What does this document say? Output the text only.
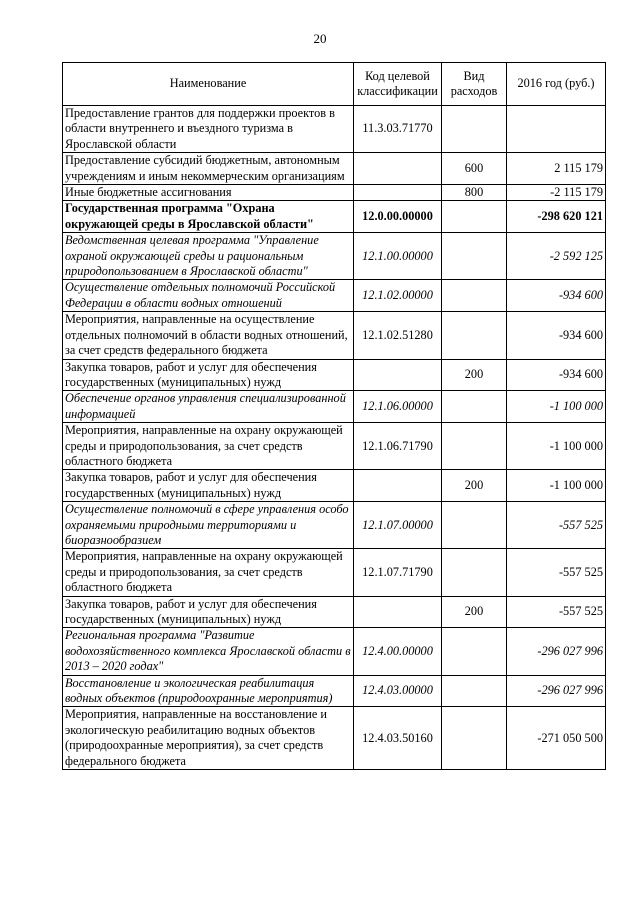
20
Наименование	Код целевой классификации	Вид расходов	2016 год (руб.)
Предоставление грантов для поддержки проектов в области внутреннего и въездного туризма в Ярославской области	11.3.03.71770		
Предоставление субсидий бюджетным, автономным учреждениям и иным некоммерческим организациям		600	2 115 179
Иные бюджетные ассигнования		800	-2 115 179
Государственная программа "Охрана окружающей среды в Ярославской области"	12.0.00.00000		-298 620 121
Ведомственная целевая программа "Управление охраной окружающей среды и рациональным природопользованием в Ярославской области"	12.1.00.00000		-2 592 125
Осуществление отдельных полномочий Российской Федерации в области водных отношений	12.1.02.00000		-934 600
Мероприятия, направленные на осуществление отдельных полномочий в области водных отношений, за счет средств федерального бюджета	12.1.02.51280		-934 600
Закупка товаров, работ и услуг для обеспечения государственных (муниципальных) нужд		200	-934 600
Обеспечение органов управления специализированной информацией	12.1.06.00000		-1 100 000
Мероприятия, направленные на охрану окружающей среды и природопользования, за счет средств областного бюджета	12.1.06.71790		-1 100 000
Закупка товаров, работ и услуг для обеспечения государственных (муниципальных) нужд		200	-1 100 000
Осуществление полномочий в сфере управления особо охраняемыми природными территориями и биоразнообразием	12.1.07.00000		-557 525
Мероприятия, направленные на охрану окружающей среды и природопользования, за счет средств областного бюджета	12.1.07.71790		-557 525
Закупка товаров, работ и услуг для обеспечения государственных (муниципальных) нужд		200	-557 525
Региональная программа "Развитие водохозяйственного комплекса Ярославской области в 2013 – 2020 годах"	12.4.00.00000		-296 027 996
Восстановление и экологическая реабилитация водных объектов (природоохранные мероприятия)	12.4.03.00000		-296 027 996
Мероприятия, направленные на восстановление и экологическую реабилитацию водных объектов (природоохранные мероприятия), за счет средств федерального бюджета	12.4.03.50160		-271 050 500
